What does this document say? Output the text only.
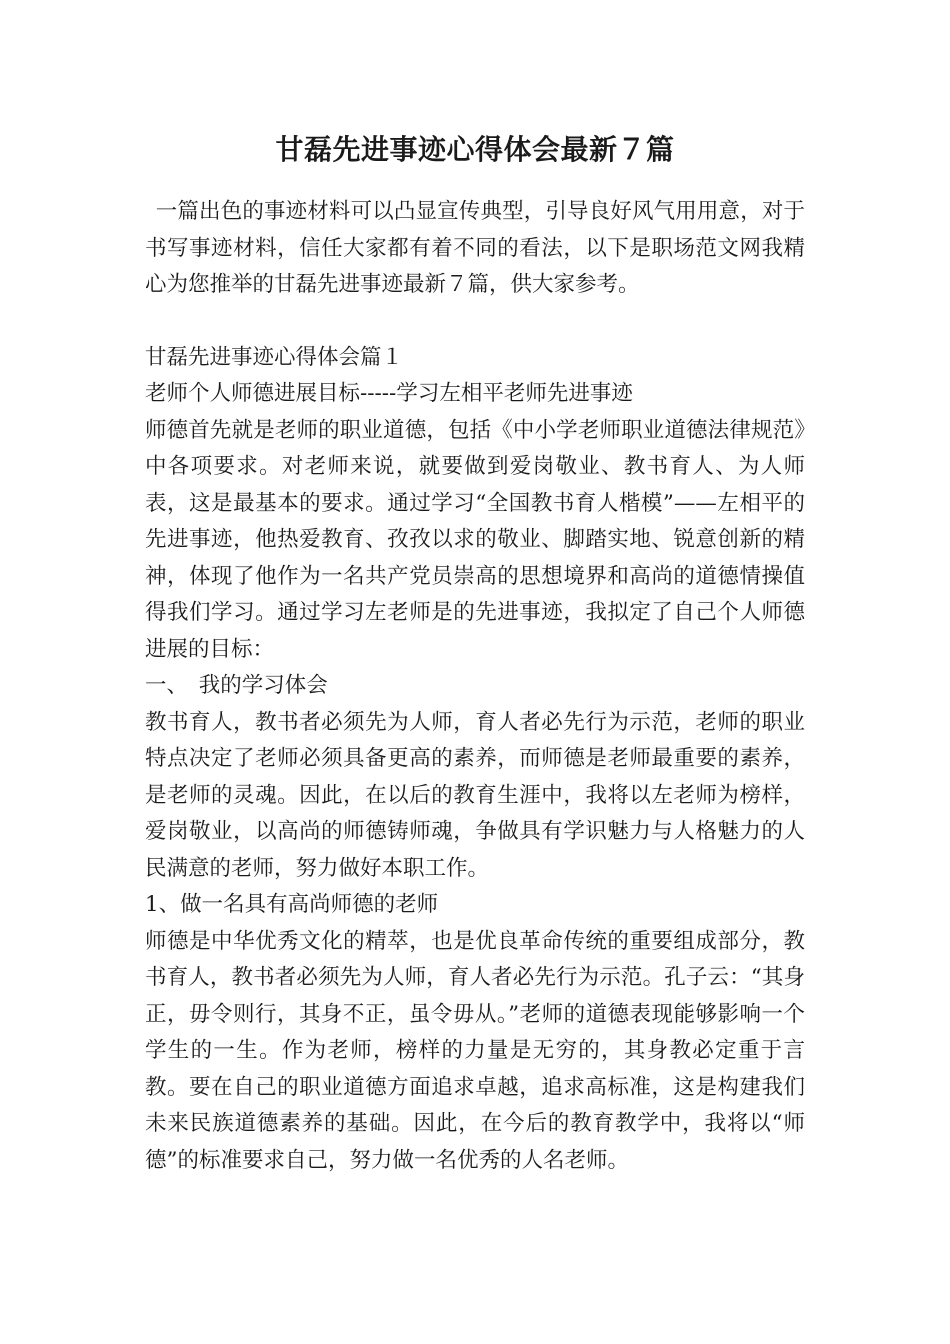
甘磊先进事迹心得体会最新７篇

一篇出色的事迹材料可以凸显宣传典型，引导良好风气用用意，对于书写事迹材料，信任大家都有着不同的看法，以下是职场范文网我精心为您推举的甘磊先进事迹最新７篇，供大家参考。

甘磊先进事迹心得体会篇１

老师个人师德进展目标-----学习左相平老师先进事迹

师德首先就是老师的职业道德，包括《中小学老师职业道德法律规范》中各项要求。对老师来说，就要做到爱岗敬业、教书育人、为人师表，这是最基本的要求。通过学习“全国教书育人楷模”——左相平的先进事迹，他热爱教育、孜孜以求的敬业、脚踏实地、锐意创新的精神，体现了他作为一名共产党员崇高的思想境界和高尚的道德情操值得我们学习。通过学习左老师是的先进事迹，我拟定了自己个人师德进展的目标：

一、　我的学习体会

教书育人，教书者必须先为人师，育人者必先行为示范，老师的职业特点决定了老师必须具备更高的素养，而师德是老师最重要的素养，是老师的灵魂。因此，在以后的教育生涯中，我将以左老师为榜样，爱岗敬业，以高尚的师德铸师魂，争做具有学识魅力与人格魅力的人民满意的老师，努力做好本职工作。

1、做一名具有高尚师德的老师

师德是中华优秀文化的精萃，也是优良革命传统的重要组成部分，教书育人，教书者必须先为人师，育人者必先行为示范。孔子云：“其身正，毋令则行，其身不正，虽令毋从。”老师的道德表现能够影响一个学生的一生。作为老师，榜样的力量是无穷的，其身教必定重于言教。要在自己的职业道德方面追求卓越，追求高标准，这是构建我们未来民族道德素养的基础。因此，在今后的教育教学中，我将以“师德”的标准要求自己，努力做一名优秀的人名老师。
